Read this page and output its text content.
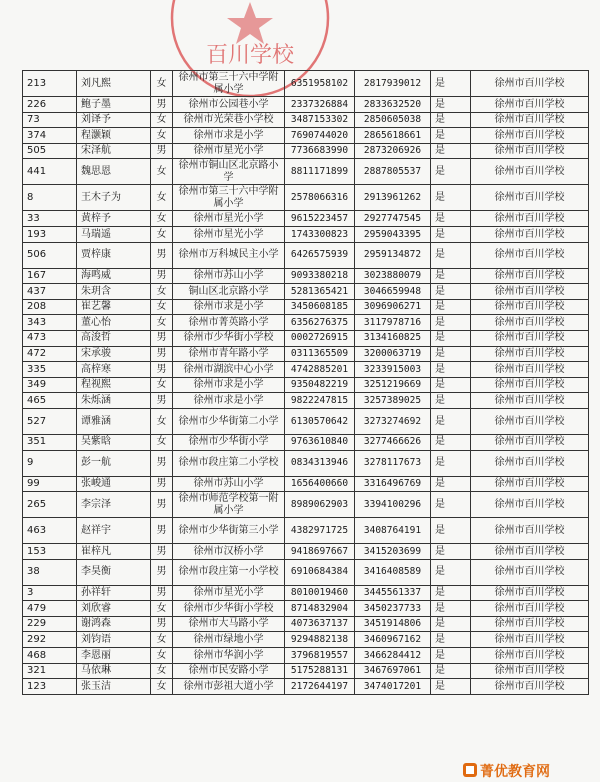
百川学校
213	刘凡熙	女	徐州市第三十六中学附属小学	6351958102	2817939012	是	徐州市百川学校
226	鲍子墨	男	徐州市公园巷小学	2337326884	2833632520	是	徐州市百川学校
73	刘译予	女	徐州市光荣巷小学校	3487153302	2850605038	是	徐州市百川学校
374	程灏颖	女	徐州市求是小学	7690744020	2865618661	是	徐州市百川学校
505	宋泽航	男	徐州市星光小学	7736683990	2873206926	是	徐州市百川学校
441	魏思恩	女	徐州市铜山区北京路小学	8811171899	2887805537	是	徐州市百川学校
8	王木子为	女	徐州市第三十六中学附属小学	2578066316	2913961262	是	徐州市百川学校
33	黄梓予	女	徐州市星光小学	9615223457	2927747545	是	徐州市百川学校
193	马瑞遥	女	徐州市星光小学	1743300823	2959043395	是	徐州市百川学校
506	贾梓康	男	徐州市万科城民主小学	6426575939	2959134872	是	徐州市百川学校
167	海鸣威	男	徐州市苏山小学	9093380218	3023880079	是	徐州市百川学校
437	朱玥含	女	铜山区北京路小学	5281365421	3046659948	是	徐州市百川学校
208	崔艺馨	女	徐州市求是小学	3450608185	3096906271	是	徐州市百川学校
343	董心怡	女	徐州市菁英路小学	6356276375	3117978716	是	徐州市百川学校
473	高浚哲	男	徐州市少华街小学校	0002726915	3134160825	是	徐州市百川学校
472	宋承骏	男	徐州市青年路小学	0311365509	3200063719	是	徐州市百川学校
335	高梓寒	男	徐州市湖滨中心小学	4742885201	3233915003	是	徐州市百川学校
349	程视熙	女	徐州市求是小学	9350482219	3251219669	是	徐州市百川学校
465	朱烁涵	男	徐州市求是小学	9822247815	3257389025	是	徐州市百川学校
527	谭雅涵	女	徐州市少华街第二小学	6130570642	3273274692	是	徐州市百川学校
351	吴紫晗	女	徐州市少华街小学	9763610840	3277466626	是	徐州市百川学校
9	彭一航	男	徐州市段庄第二小学校	0834313946	3278117673	是	徐州市百川学校
99	张峻通	男	徐州市苏山小学	1656400660	3316496769	是	徐州市百川学校
265	李宗泽	男	徐州市师范学校第一附属小学	8989062903	3394100296	是	徐州市百川学校
463	赵祥宇	男	徐州市少华街第三小学	4382971725	3408764191	是	徐州市百川学校
153	崔梓凡	男	徐州市汉桥小学	9418697667	3415203699	是	徐州市百川学校
38	李昊衡	男	徐州市段庄第一小学校	6910684384	3416408589	是	徐州市百川学校
3	孙祥轩	男	徐州市星光小学	8010019460	3445561337	是	徐州市百川学校
479	刘欣睿	女	徐州市少华街小学校	8714832904	3450237733	是	徐州市百川学校
229	谢鸿森	男	徐州市大马路小学	4073637137	3451914806	是	徐州市百川学校
292	刘钧语	女	徐州市绿地小学	9294882138	3460967162	是	徐州市百川学校
468	李恩丽	女	徐州市华润小学	3796819557	3466284412	是	徐州市百川学校
321	马依琳	女	徐州市民安路小学	5175288131	3467697061	是	徐州市百川学校
123	张玉洁	女	徐州市彭祖大道小学	2172644197	3474017201	是	徐州市百川学校
菁优教育网
